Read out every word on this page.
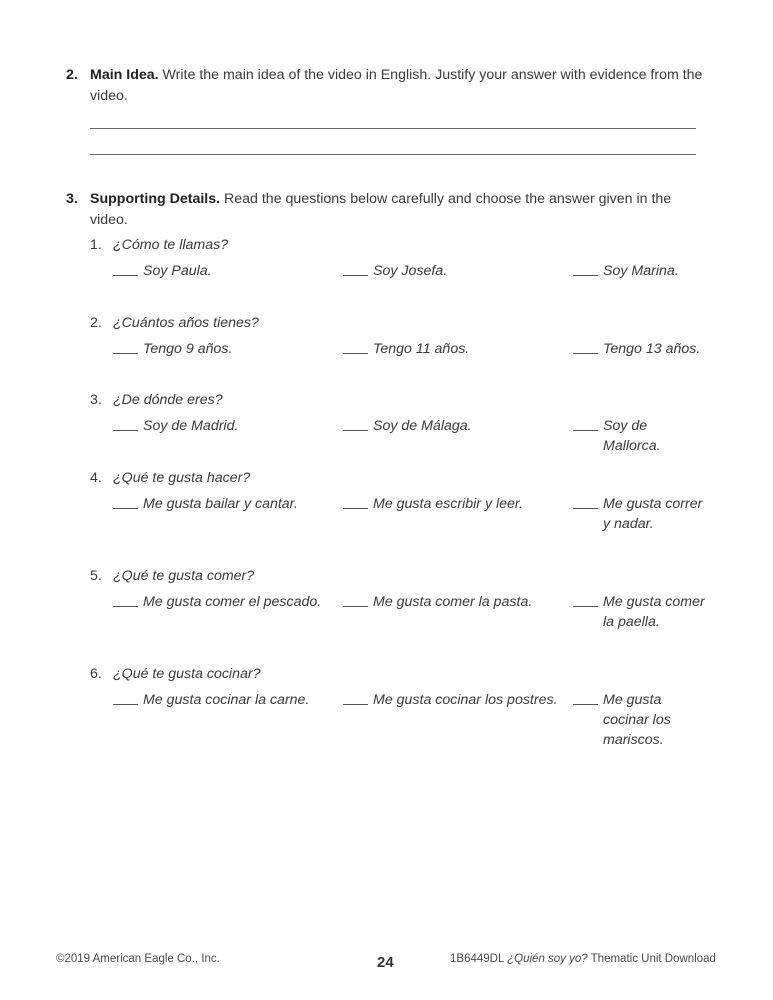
2. Main Idea. Write the main idea of the video in English. Justify your answer with evidence from the video.
3. Supporting Details. Read the questions below carefully and choose the answer given in the video.
1. ¿Cómo te llamas?
Soy Paula.	Soy Josefa.	Soy Marina.
2. ¿Cuántos años tienes?
Tengo 9 años.	Tengo 11 años.	Tengo 13 años.
3. ¿De dónde eres?
Soy de Madrid.	Soy de Málaga.	Soy de Mallorca.
4. ¿Qué te gusta hacer?
Me gusta bailar y cantar.	Me gusta escribir y leer.	Me gusta correr y nadar.
5. ¿Qué te gusta comer?
Me gusta comer el pescado.	Me gusta comer la pasta.	Me gusta comer la paella.
6. ¿Qué te gusta cocinar?
Me gusta cocinar la carne.	Me gusta cocinar los postres.	Me gusta cocinar los mariscos.
©2019 American Eagle Co., Inc.	24	1B6449DL ¿Quién soy yo? Thematic Unit Download
